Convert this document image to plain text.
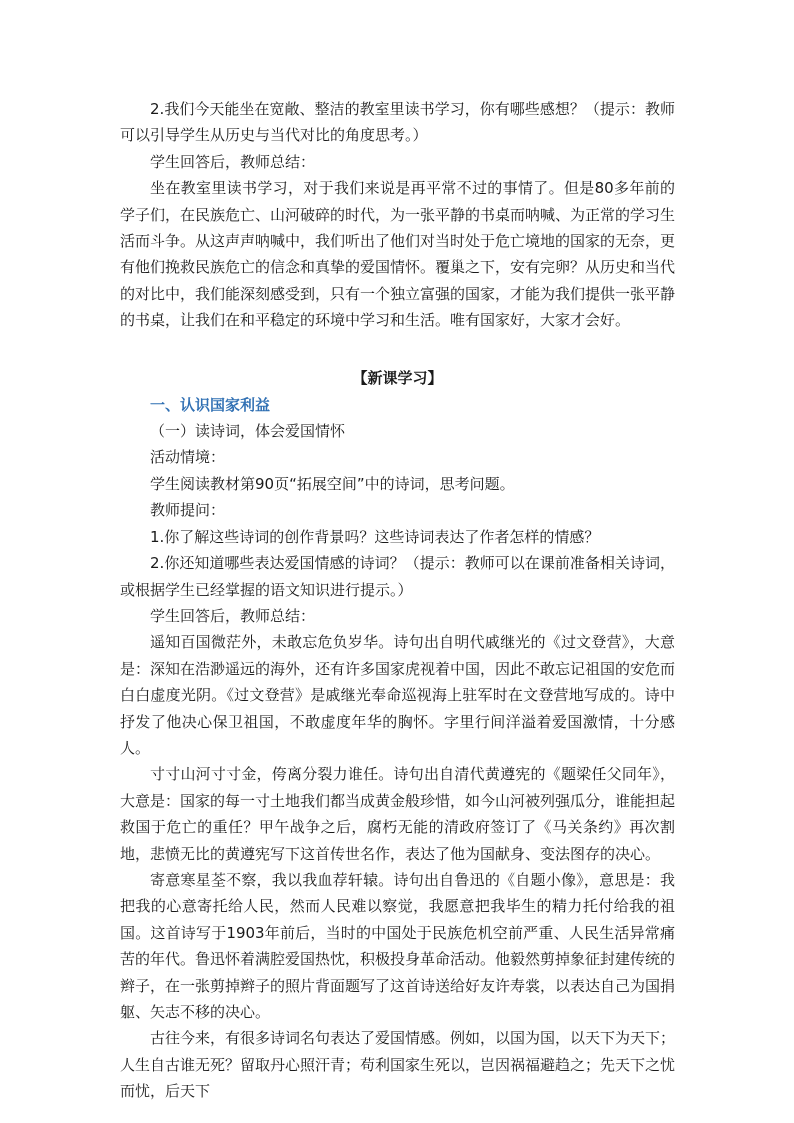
2.我们今天能坐在宽敞、整洁的教室里读书学习，你有哪些感想？（提示：教师可以引导学生从历史与当代对比的角度思考。）

学生回答后，教师总结：

坐在教室里读书学习，对于我们来说是再平常不过的事情了。但是80多年前的学子们，在民族危亡、山河破碎的时代，为一张平静的书桌而呐喊、为正常的学习生活而斗争。从这声声呐喊中，我们听出了他们对当时处于危亡境地的国家的无奈，更有他们挽救民族危亡的信念和真挚的爱国情怀。覆巢之下，安有完卵？从历史和当代的对比中，我们能深刻感受到，只有一个独立富强的国家，才能为我们提供一张平静的书桌，让我们在和平稳定的环境中学习和生活。唯有国家好，大家才会好。

【新课学习】

一、认识国家利益

（一）读诗词，体会爱国情怀

活动情境：

学生阅读教材第90页“拓展空间”中的诗词，思考问题。

教师提问：

1.你了解这些诗词的创作背景吗？这些诗词表达了作者怎样的情感？

2.你还知道哪些表达爱国情感的诗词？（提示：教师可以在课前准备相关诗词，或根据学生已经掌握的语文知识进行提示。）

学生回答后，教师总结：

遥知百国微茫外，未敢忘危负岁华。诗句出自明代戚继光的《过文登营》，大意是：深知在浩渺遥远的海外，还有许多国家虎视着中国，因此不敢忘记祖国的安危而白白虚度光阴。《过文登营》是戚继光奉命巡视海上驻军时在文登营地写成的。诗中抒发了他决心保卫祖国，不敢虚度年华的胸怀。字里行间洋溢着爱国激情，十分感人。

寸寸山河寸寸金，侉离分裂力谁任。诗句出自清代黄遵宪的《题梁任父同年》，大意是：国家的每一寸土地我们都当成黄金般珍惜，如今山河被列强瓜分，谁能担起救国于危亡的重任？甲午战争之后，腐朽无能的清政府签订了《马关条约》再次割地，悲愤无比的黄遵宪写下这首传世名作，表达了他为国献身、变法图存的决心。

寄意寒星荃不察，我以我血荐轩辕。诗句出自鲁迅的《自题小像》，意思是：我把我的心意寄托给人民，然而人民难以察觉，我愿意把我毕生的精力托付给我的祖国。这首诗写于1903年前后，当时的中国处于民族危机空前严重、人民生活异常痛苦的年代。鲁迅怀着满腔爱国热忱，积极投身革命活动。他毅然剪掉象征封建传统的辫子，在一张剪掉辫子的照片背面题写了这首诗送给好友许寿裳，以表达自己为国捐躯、矢志不移的决心。

古往今来，有很多诗词名句表达了爱国情感。例如，以国为国，以天下为天下；人生自古谁无死？留取丹心照汗青；苟利国家生死以，岂因祸福避趋之；先天下之忧而忧，后天下
